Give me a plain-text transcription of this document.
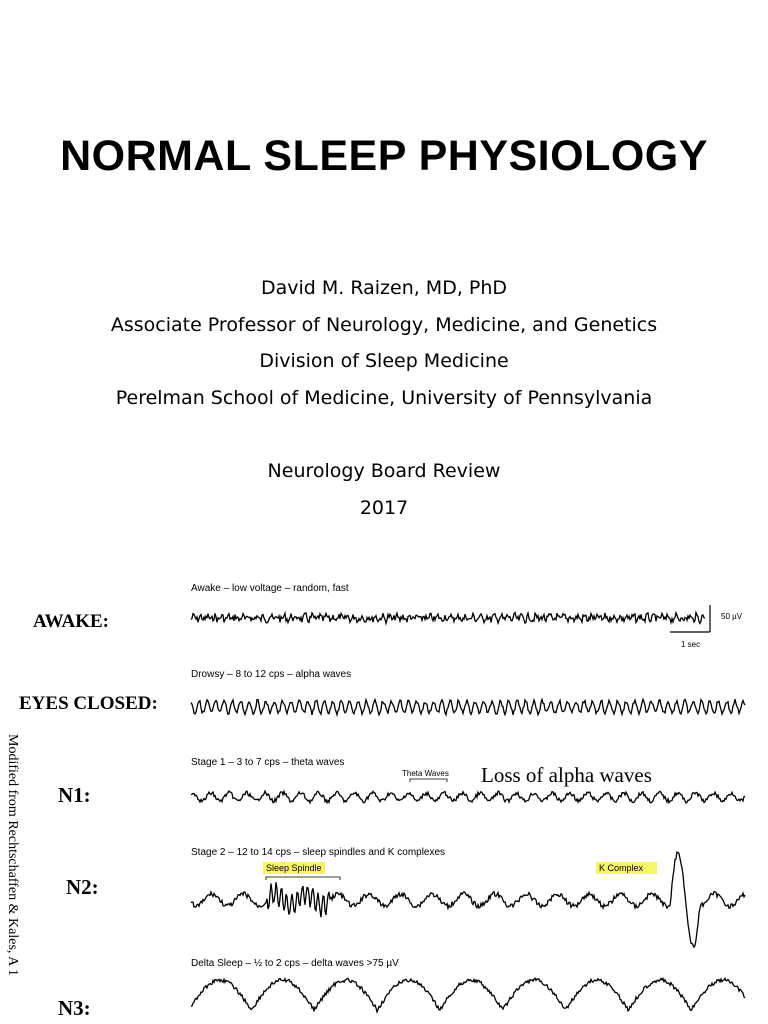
NORMAL SLEEP PHYSIOLOGY
David M. Raizen, MD, PhD
Associate Professor of Neurology, Medicine, and Genetics
Division of Sleep Medicine
Perelman School of Medicine, University of Pennsylvania
Neurology Board Review
2017
AWAKE:
EYES CLOSED:
N1:
N2:
N3:
Awake – low voltage – random, fast
Drowsy – 8 to 12 cps – alpha waves
Stage 1 – 3 to 7 cps – theta waves
Stage 2 – 12 to 14 cps – sleep spindles and K complexes
Delta Sleep – ½ to 2 cps – delta waves >75 µV
50 µV
1 sec
Theta Waves Loss of alpha waves
Sleep Spindle	K Complex
Modified from Rechtschaffen & Kales, A 1
